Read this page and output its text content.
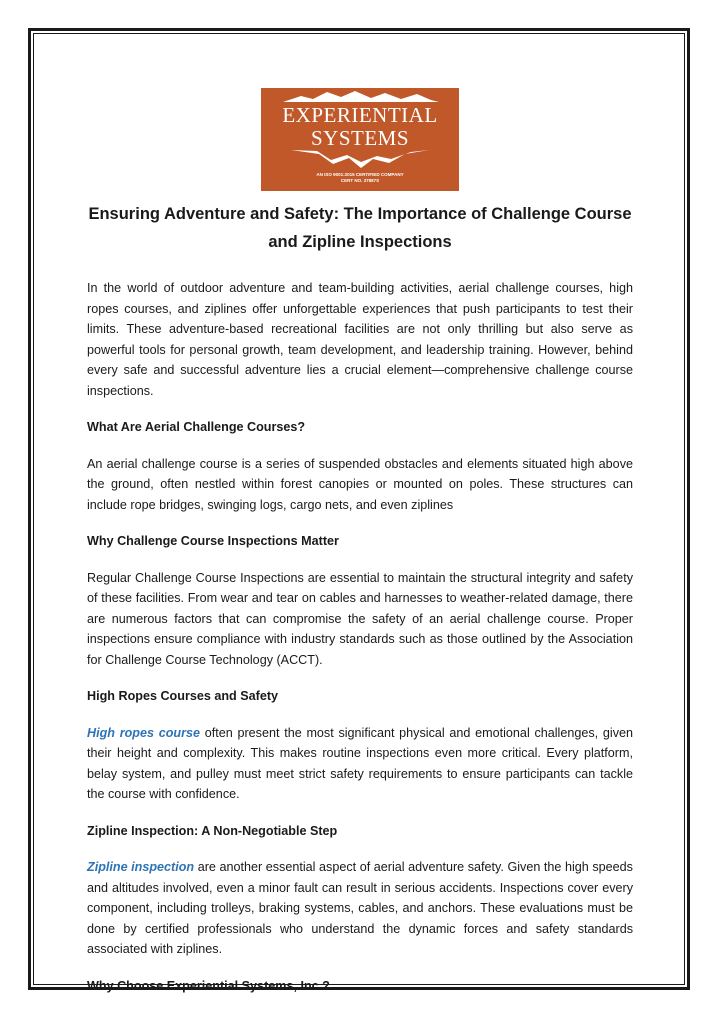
EXPERIENTIAL
SYSTEMS
AN ISO 9001:2015 CERTIFIED COMPANY
CERT NO. 37887S
Ensuring Adventure and Safety: The Importance of Challenge Course and Zipline Inspections

In the world of outdoor adventure and team-building activities, aerial challenge courses, high ropes courses, and ziplines offer unforgettable experiences that push participants to test their limits. These adventure-based recreational facilities are not only thrilling but also serve as powerful tools for personal growth, team development, and leadership training. However, behind every safe and successful adventure lies a crucial element—comprehensive challenge course inspections.

What Are Aerial Challenge Courses?

An aerial challenge course is a series of suspended obstacles and elements situated high above the ground, often nestled within forest canopies or mounted on poles. These structures can include rope bridges, swinging logs, cargo nets, and even ziplines

Why Challenge Course Inspections Matter

Regular Challenge Course Inspections are essential to maintain the structural integrity and safety of these facilities. From wear and tear on cables and harnesses to weather-related damage, there are numerous factors that can compromise the safety of an aerial challenge course. Proper inspections ensure compliance with industry standards such as those outlined by the Association for Challenge Course Technology (ACCT).

High Ropes Courses and Safety

High ropes course often present the most significant physical and emotional challenges, given their height and complexity. This makes routine inspections even more critical. Every platform, belay system, and pulley must meet strict safety requirements to ensure participants can tackle the course with confidence.

Zipline Inspection: A Non-Negotiable Step

Zipline inspection are another essential aspect of aerial adventure safety. Given the high speeds and altitudes involved, even a minor fault can result in serious accidents. Inspections cover every component, including trolleys, braking systems, cables, and anchors. These evaluations must be done by certified professionals who understand the dynamic forces and safety standards associated with ziplines.

Why Choose Experiential Systems, Inc.?
